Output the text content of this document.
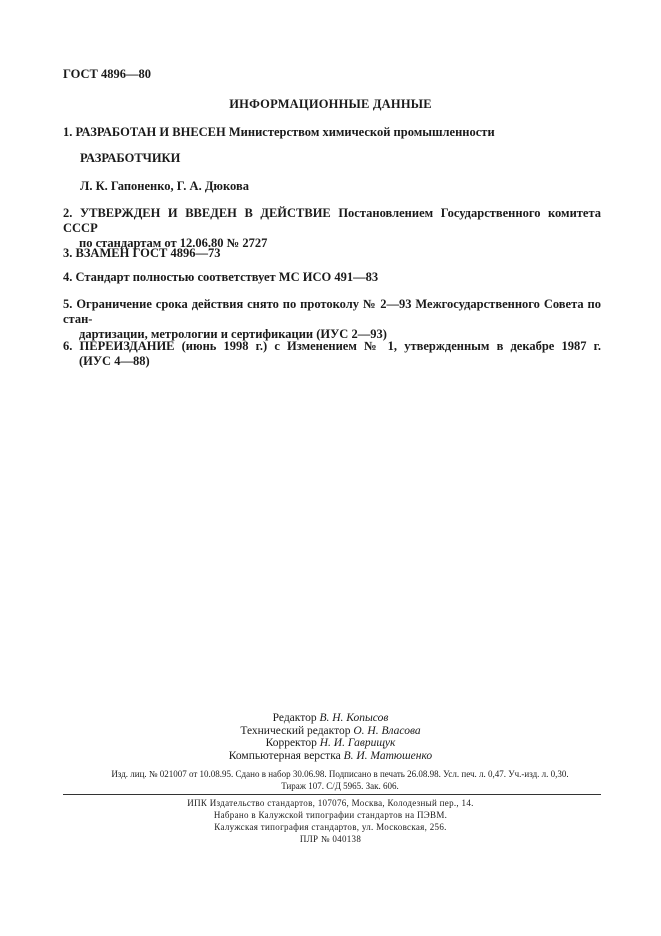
ГОСТ 4896—80
ИНФОРМАЦИОННЫЕ ДАННЫЕ
1. РАЗРАБОТАН И ВНЕСЕН Министерством химической промышленности
РАЗРАБОТЧИКИ
Л. К. Гапоненко, Г. А. Дюкова
2. УТВЕРЖДЕН И ВВЕДЕН В ДЕЙСТВИЕ Постановлением Государственного комитета СССР
по стандартам от 12.06.80 № 2727
3. ВЗАМЕН ГОСТ 4896—73
4. Стандарт полностью соответствует МС ИСО 491—83
5. Ограничение срока действия снято по протоколу № 2—93 Межгосударственного Совета по стан-
дартизации, метрологии и сертификации (ИУС 2—93)
6. ПЕРЕИЗДАНИЕ (июнь 1998 г.) с Изменением № 1, утвержденным в декабре 1987 г.
(ИУС 4—88)
Редактор В. Н. Копысов
Технический редактор О. Н. Власова
Корректор Н. И. Гаврищук
Компьютерная верстка В. И. Матюшенко
Изд. лиц. № 021007 от 10.08.95. Сдано в набор 30.06.98. Подписано в печать 26.08.98. Усл. печ. л. 0,47. Уч.-изд. л. 0,30.
Тираж 107. С/Д 5965. Зак. 606.
ИПК Издательство стандартов, 107076, Москва, Колодезный пер., 14.
Набрано в Калужской типографии стандартов на ПЭВМ.
Калужская типография стандартов, ул. Московская, 256.
ПЛР № 040138
